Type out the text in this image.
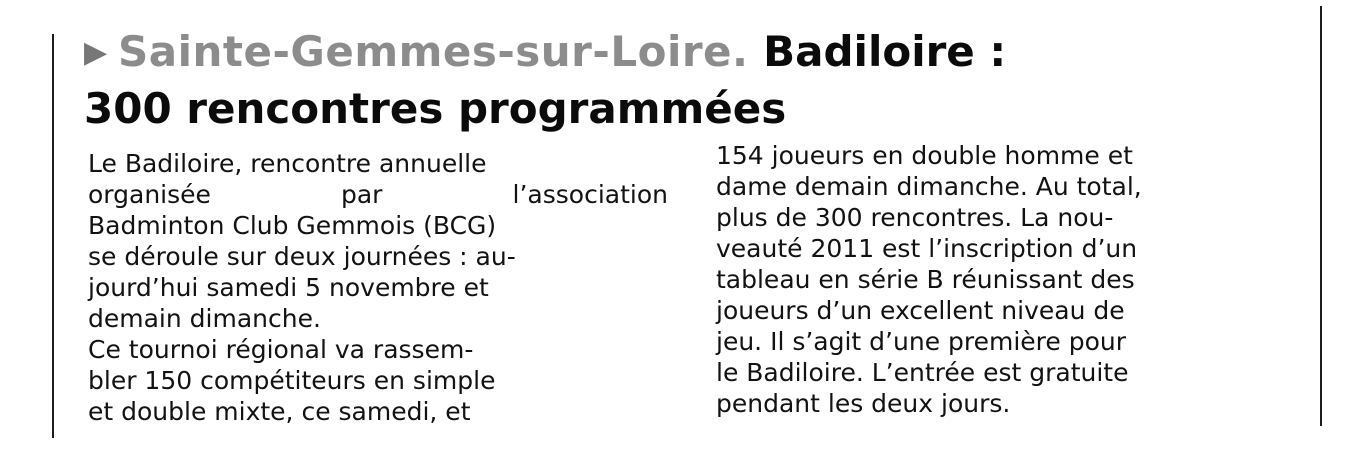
▶ Sainte-Gemmes-sur-Loire. Badiloire :
300 rencontres programmées
Le Badiloire, rencontre annuelle
organisée par l’association
Badminton Club Gemmois (BCG)
se déroule sur deux journées : au-
jourd’hui samedi 5 novembre et
demain dimanche.
Ce tournoi régional va rassem-
bler 150 compétiteurs en simple
et double mixte, ce samedi, et
154 joueurs en double homme et
dame demain dimanche. Au total,
plus de 300 rencontres. La nou-
veauté 2011 est l’inscription d’un
tableau en série B réunissant des
joueurs d’un excellent niveau de
jeu. Il s’agit d’une première pour
le Badiloire. L’entrée est gratuite
pendant les deux jours.
